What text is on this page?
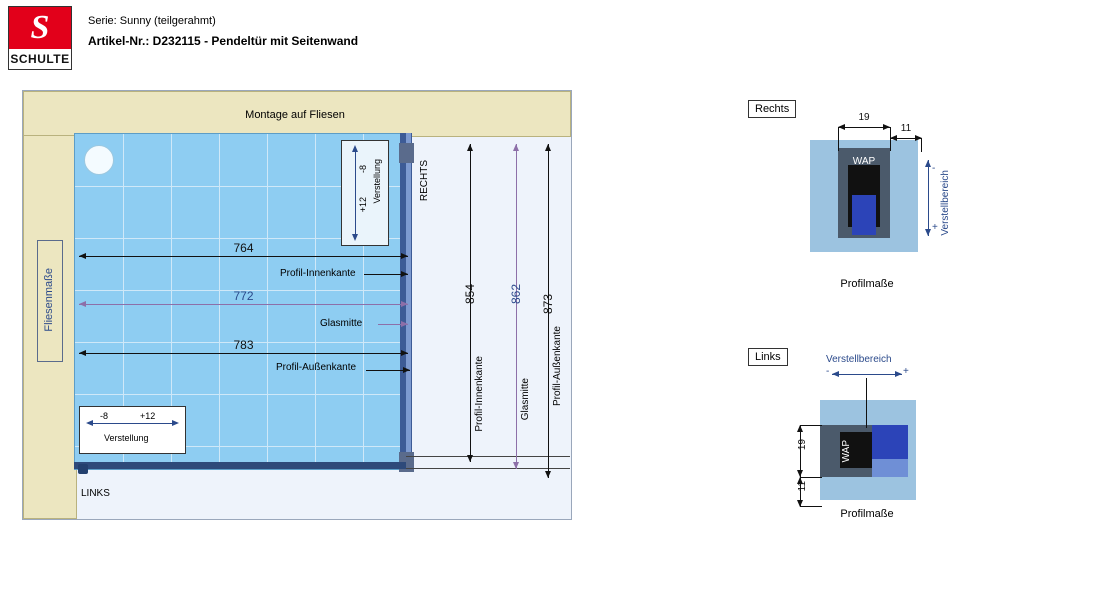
S
SCHULTE
Serie: Sunny (teilgerahmt)
Artikel-Nr.: D232115 - Pendeltür mit Seitenwand
Montage auf Fliesen
Fliesenmaße
-8
+12
Verstellung
-8	+12
Verstellung
RECHTS
LINKS
764
Profil-Innenkante
772
Glasmitte
783
Profil-Außenkante
854
Profil-Innenkante
862
Glasmitte
873
Profil-Außenkante
Rechts
WAP
19
11
-
+ Verstellbereich
Profilmaße
Links
WAP
Verstellbereich
-	+
19
11
Profilmaße
